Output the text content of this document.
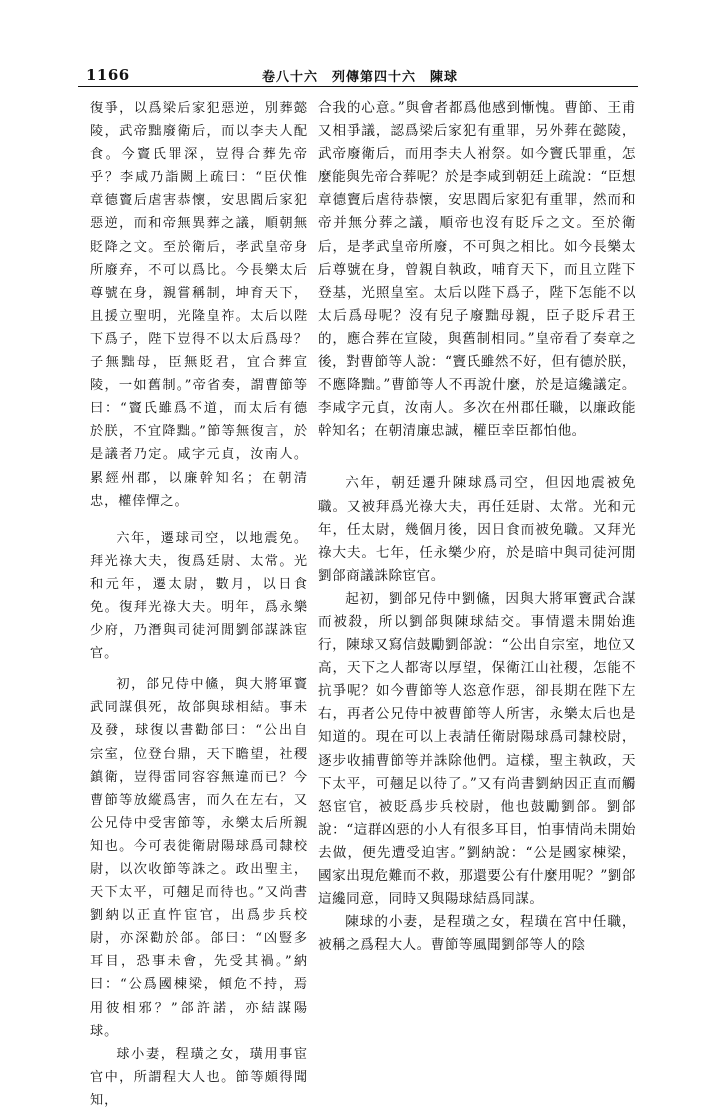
1166	卷八十六　列傳第四十六　陳球

復爭，以爲梁后家犯惡逆，別葬懿陵，武帝黜廢衛后，而以李夫人配食。今竇氏罪深，豈得合葬先帝乎？李咸乃詣闕上疏曰：“臣伏惟章德竇后虐害恭懷，安思閻后家犯惡逆，而和帝無異葬之議，順朝無貶降之文。至於衛后，孝武皇帝身所廢弃，不可以爲比。今長樂太后尊號在身，親嘗稱制，坤育天下，且援立聖明，光隆皇祚。太后以陛下爲子，陛下豈得不以太后爲母？子無黜母，臣無貶君，宜合葬宣陵，一如舊制。”帝省奏，謂曹節等曰：“竇氏雖爲不道，而太后有德於朕，不宜降黜。”節等無復言，於是議者乃定。咸字元貞，汝南人。累經州郡，以廉幹知名；在朝清忠，權倖憚之。

六年，遷球司空，以地震免。拜光祿大夫，復爲廷尉、太常。光和元年，遷太尉，數月，以日食免。復拜光祿大夫。明年，爲永樂少府，乃潛與司徒河閒劉郃謀誅宦官。

初，郃兄侍中鯈，與大將軍竇武同謀俱死，故郃與球相結。事未及發，球復以書勸郃曰：“公出自宗室，位登台鼎，天下瞻望，社稷鎮衛，豈得雷同容容無違而已？今曹節等放縱爲害，而久在左右，又公兄侍中受害節等，永樂太后所親知也。今可表徙衛尉陽球爲司隸校尉，以次收節等誅之。政出聖主，天下太平，可翹足而待也。”又尚書劉納以正直忤宦官，出爲步兵校尉，亦深勸於郃。郃曰：“凶豎多耳目，恐事未會，先受其禍。”納曰：“公爲國棟梁，傾危不持，焉用彼相邪？”郃許諾，亦結謀陽球。

球小妻，程璜之女，璜用事宦官中，所謂程大人也。節等頗得聞知，

合我的心意。”與會者都爲他感到慚愧。曹節、王甫又相爭議，認爲梁后家犯有重罪，另外葬在懿陵，武帝廢衛后，而用李夫人祔祭。如今竇氏罪重，怎麼能與先帝合葬呢？於是李咸到朝廷上疏說：“臣想章德竇后虐待恭懷，安思閻后家犯有重罪，然而和帝并無分葬之議，順帝也沒有貶斥之文。至於衛后，是孝武皇帝所廢，不可與之相比。如今長樂太后尊號在身，曾親自執政，哺育天下，而且立陛下登基，光照皇室。太后以陛下爲子，陛下怎能不以太后爲母呢？沒有兒子廢黜母親，臣子貶斥君王的，應合葬在宣陵，與舊制相同。”皇帝看了奏章之後，對曹節等人說：“竇氏雖然不好，但有德於朕，不應降黜。”曹節等人不再說什麼，於是這纔議定。李咸字元貞，汝南人。多次在州郡任職，以廉政能幹知名；在朝清廉忠誠，權臣幸臣都怕他。

六年，朝廷遷升陳球爲司空，但因地震被免職。又被拜爲光祿大夫，再任廷尉、太常。光和元年，任太尉，幾個月後，因日食而被免職。又拜光祿大夫。七年，任永樂少府，於是暗中與司徒河閒劉郃商議誅除宦官。

起初，劉郃兄侍中劉鯈，因與大將軍竇武合謀而被殺，所以劉郃與陳球結交。事情還未開始進行，陳球又寫信鼓勵劉郃說：“公出自宗室，地位又高，天下之人都寄以厚望，保衛江山社稷，怎能不抗爭呢？如今曹節等人恣意作惡，卻長期在陛下左右，再者公兄侍中被曹節等人所害，永樂太后也是知道的。現在可以上表請任衛尉陽球爲司隸校尉，逐步收捕曹節等并誅除他們。這樣，聖主執政，天下太平，可翹足以待了。”又有尚書劉納因正直而觸怒宦官，被貶爲步兵校尉，他也鼓勵劉郃。劉郃說：“這群凶惡的小人有很多耳目，怕事情尚未開始去做，便先遭受迫害。”劉納說：“公是國家棟梁，國家出現危難而不救，那還要公有什麼用呢？”劉郃這纔同意，同時又與陽球結爲同謀。

陳球的小妻，是程璜之女，程璜在宮中任職，被稱之爲程大人。曹節等風聞劉郃等人的陰
